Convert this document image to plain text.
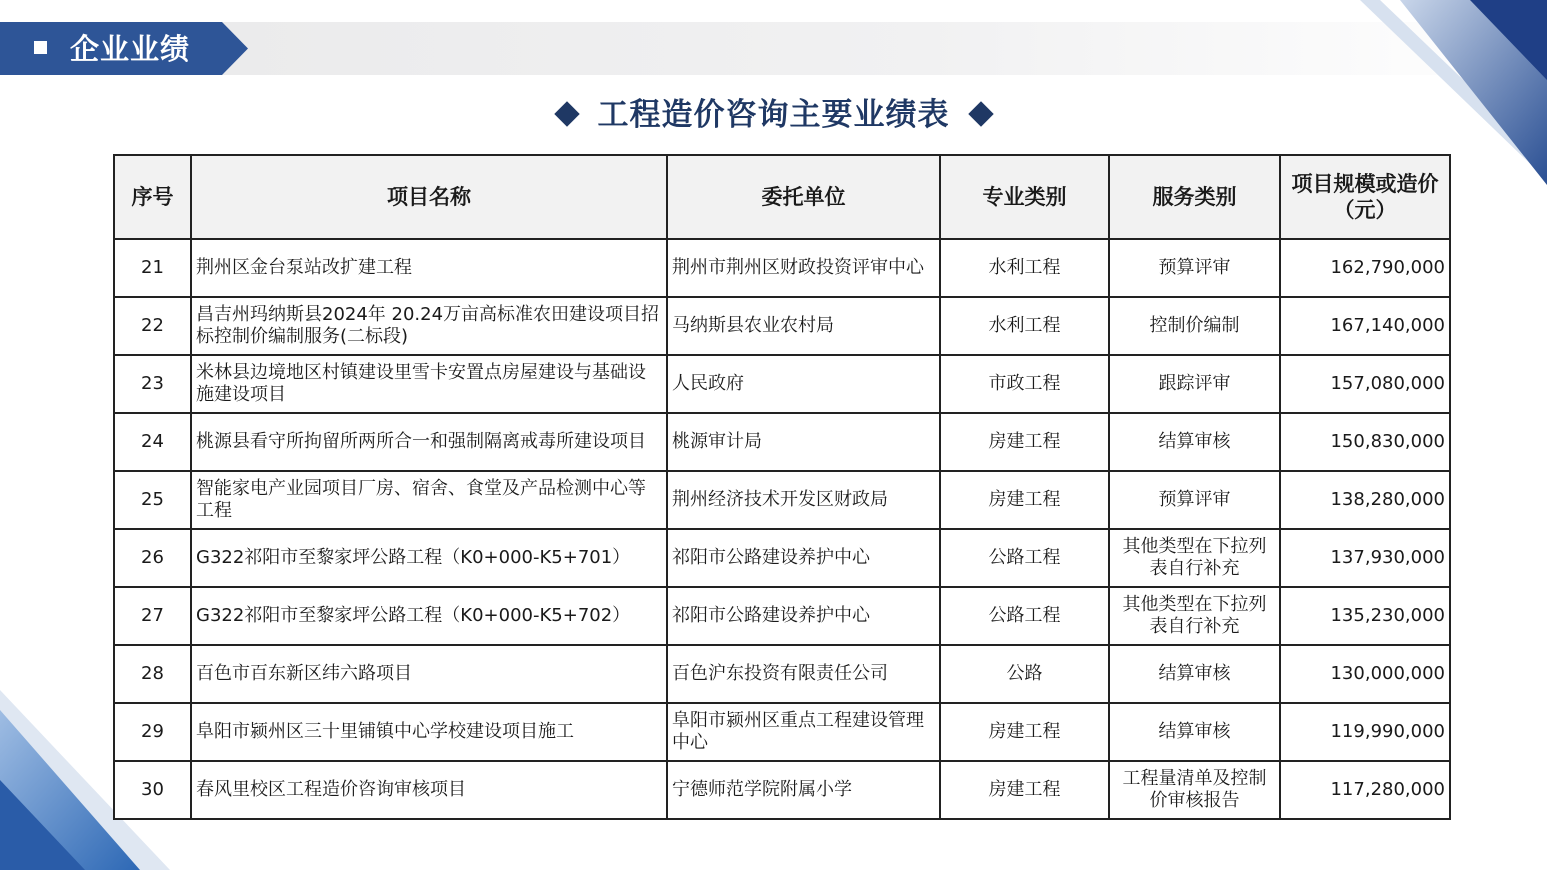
企业业绩
工程造价咨询主要业绩表
序号	项目名称	委托单位	专业类别	服务类别	项目规模或造价（元）
21	荆州区金台泵站改扩建工程	荆州市荆州区财政投资评审中心	水利工程	预算评审	162,790,000
22	昌吉州玛纳斯县2024年 20.24万亩高标准农田建设项目招标控制价编制服务(二标段)	马纳斯县农业农村局	水利工程	控制价编制	167,140,000
23	米林县边境地区村镇建设里雪卡安置点房屋建设与基础设施建设项目	人民政府	市政工程	跟踪评审	157,080,000
24	桃源县看守所拘留所两所合一和强制隔离戒毒所建设项目	桃源审计局	房建工程	结算审核	150,830,000
25	智能家电产业园项目厂房、宿舍、食堂及产品检测中心等工程	荆州经济技术开发区财政局	房建工程	预算评审	138,280,000
26	G322祁阳市至黎家坪公路工程（K0+000-K5+701）	祁阳市公路建设养护中心	公路工程	其他类型在下拉列表自行补充	137,930,000
27	G322祁阳市至黎家坪公路工程（K0+000-K5+702）	祁阳市公路建设养护中心	公路工程	其他类型在下拉列表自行补充	135,230,000
28	百色市百东新区纬六路项目	百色沪东投资有限责任公司	公路	结算审核	130,000,000
29	阜阳市颍州区三十里铺镇中心学校建设项目施工	阜阳市颍州区重点工程建设管理中心	房建工程	结算审核	119,990,000
30	春风里校区工程造价咨询审核项目	宁德师范学院附属小学	房建工程	工程量清单及控制价审核报告	117,280,000
